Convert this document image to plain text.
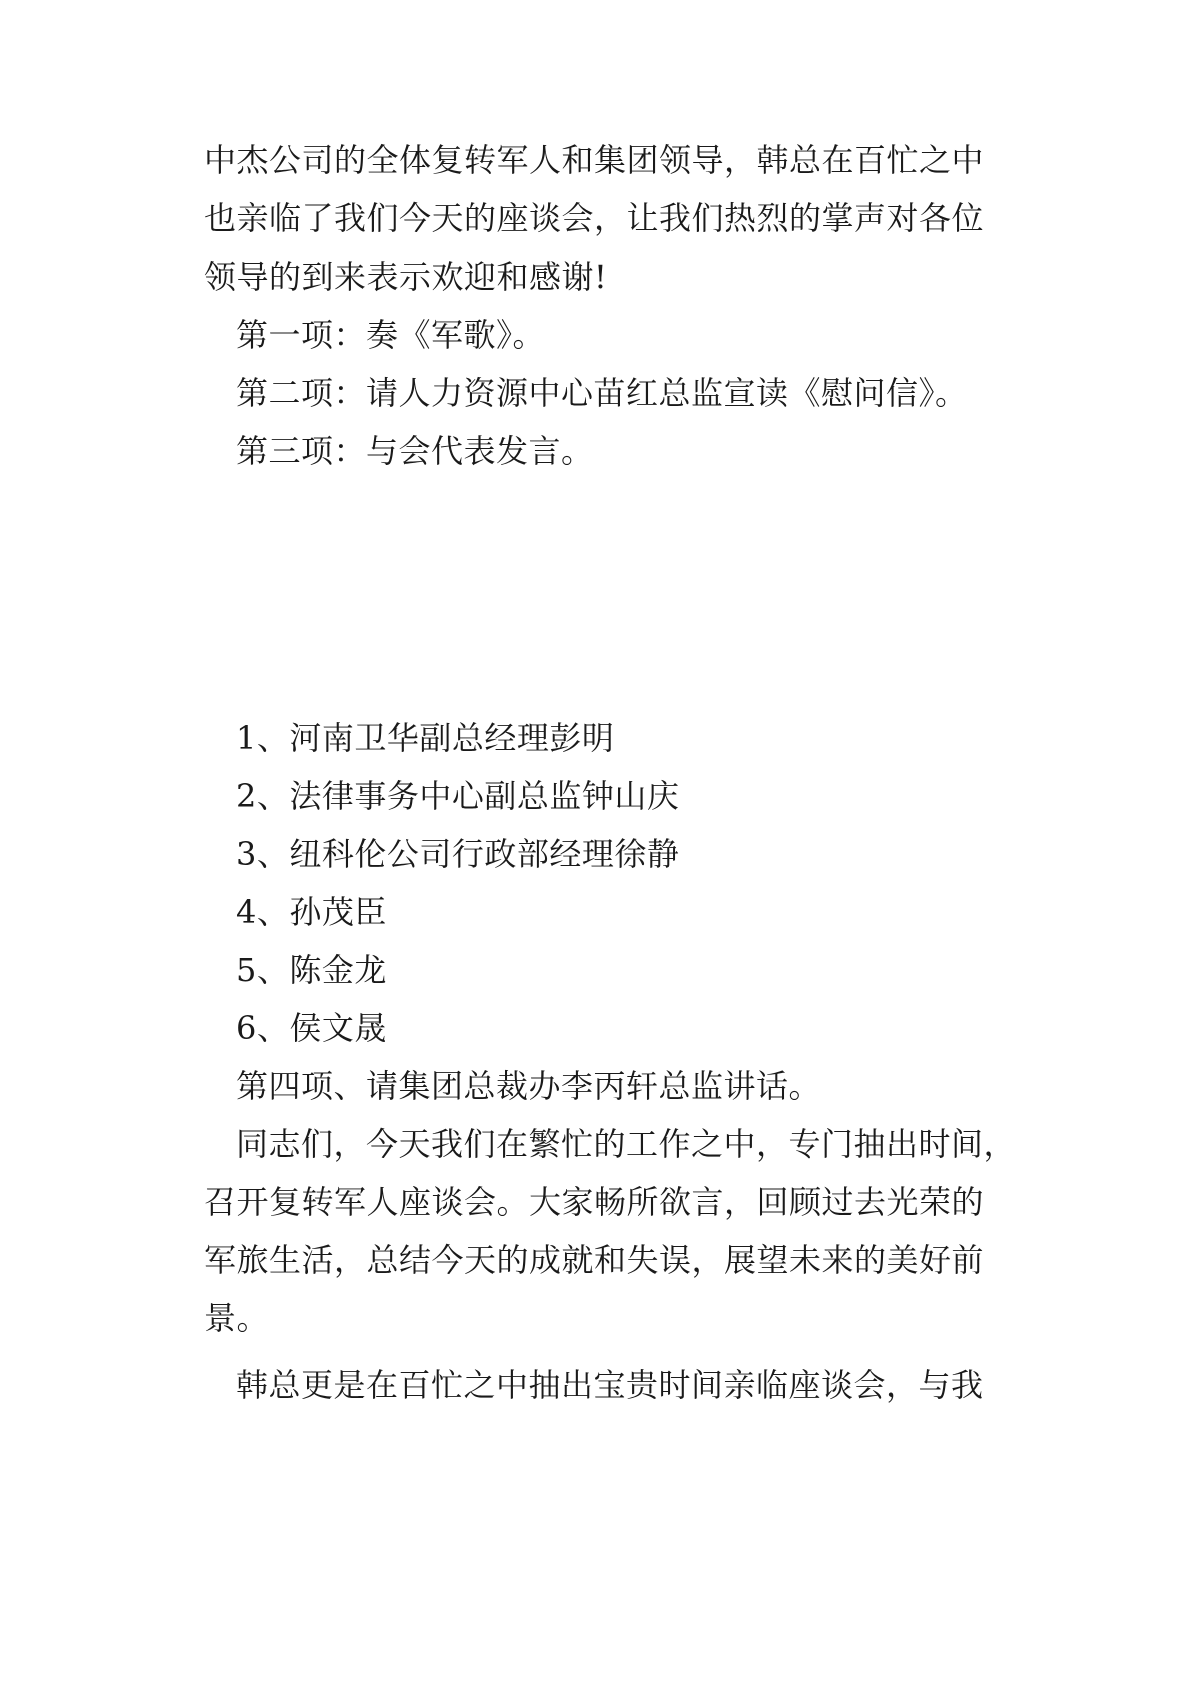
中杰公司的全体复转军人和集团领导，韩总在百忙之中
也亲临了我们今天的座谈会，让我们热烈的掌声对各位
领导的到来表示欢迎和感谢!
第一项：奏《军歌》。
第二项：请人力资源中心苗红总监宣读《慰问信》。
第三项：与会代表发言。
1、河南卫华副总经理彭明
2、法律事务中心副总监钟山庆
3、纽科伦公司行政部经理徐静
4、孙茂臣
5、陈金龙
6、侯文晟
第四项、请集团总裁办李丙轩总监讲话。
同志们，今天我们在繁忙的工作之中，专门抽出时间，
召开复转军人座谈会。大家畅所欲言，回顾过去光荣的
军旅生活，总结今天的成就和失误，展望未来的美好前
景。
韩总更是在百忙之中抽出宝贵时间亲临座谈会，与我
